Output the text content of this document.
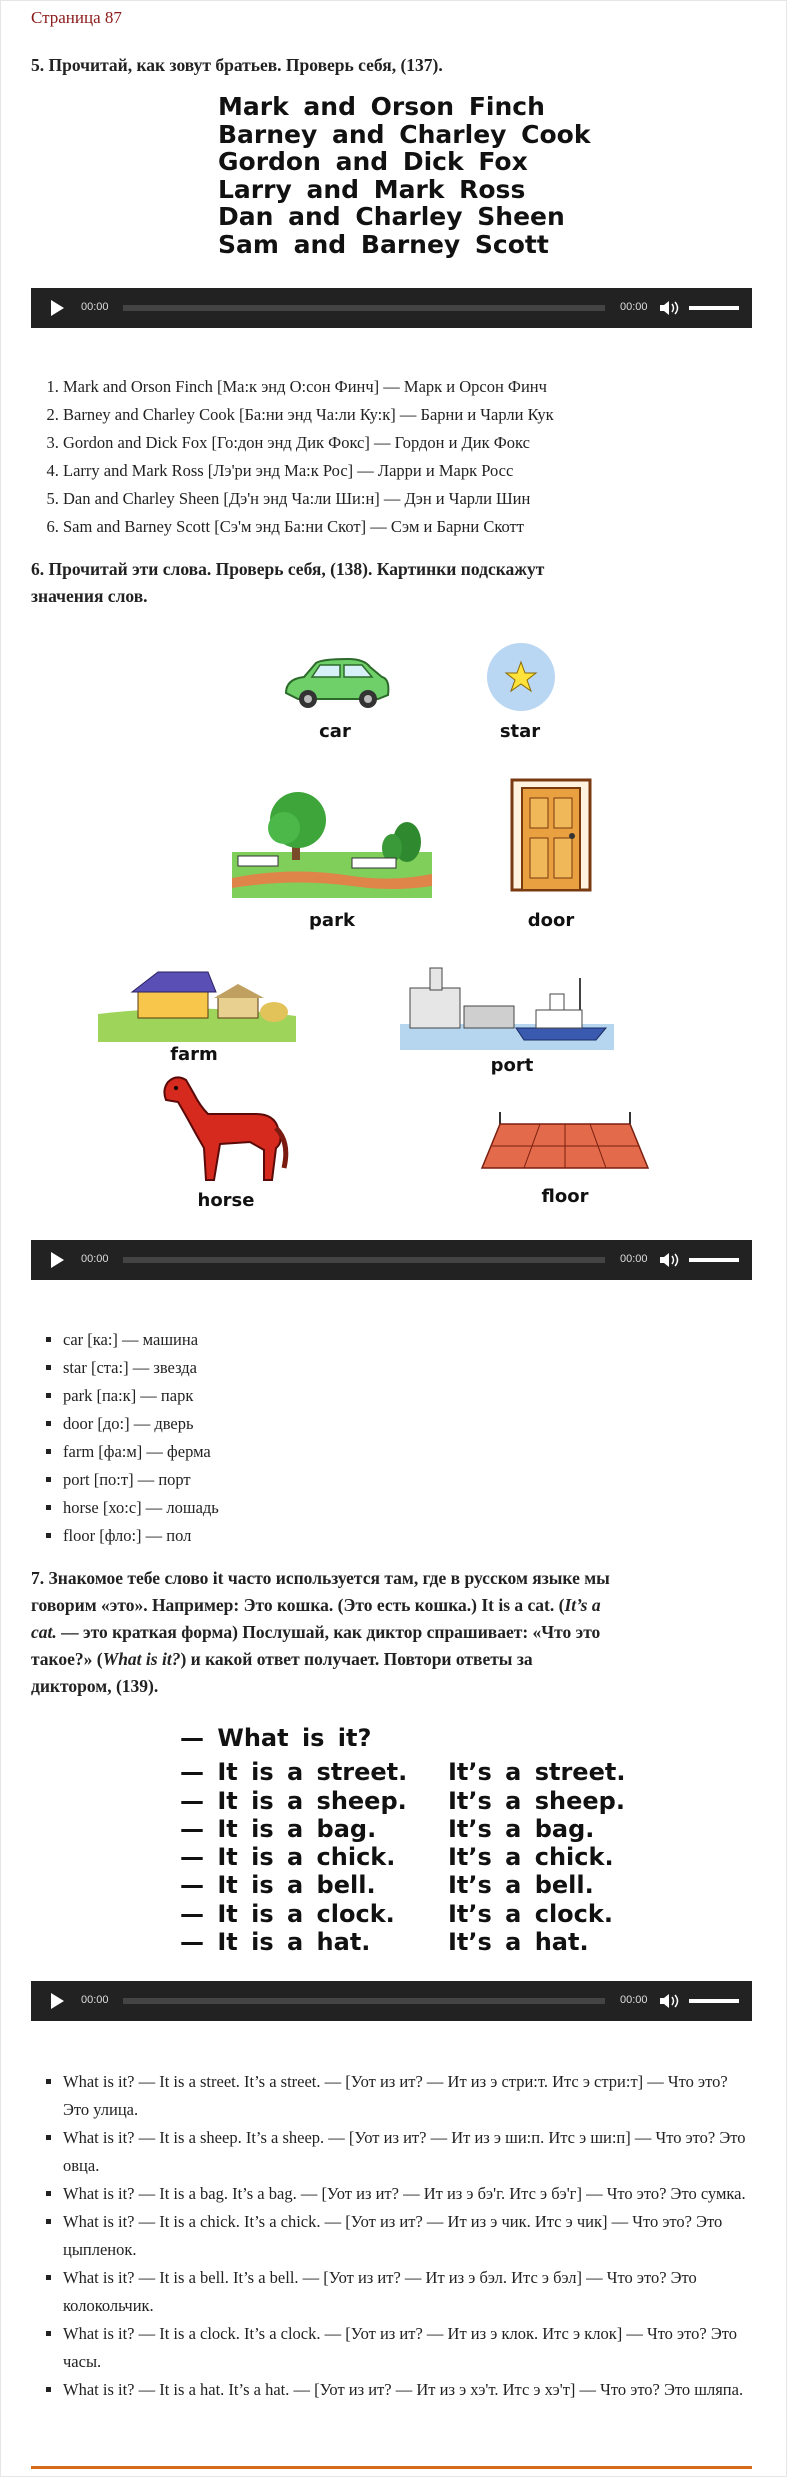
Страница 87
5. Прочитай, как зовут братьев. Проверь себя, (137).
Mark and Orson Finch
Barney and Charley Cook
Gordon and Dick Fox
Larry and Mark Ross
Dan and Charley Sheen
Sam and Barney Scott
00:00	00:00
1. Mark and Orson Finch [Ма:к энд О:сон Финч] — Марк и Орсон Финч
2. Barney and Charley Cook [Ба:ни энд Ча:ли Ку:к] — Барни и Чарли Кук
3. Gordon and Dick Fox [Го:дон энд Дик Фокс] — Гордон и Дик Фокс
4. Larry and Mark Ross [Лэ'ри энд Ма:к Рос] — Ларри и Марк Росс
5. Dan and Charley Sheen [Дэ'н энд Ча:ли Ши:н] — Дэн и Чарли Шин
6. Sam and Barney Scott [Сэ'м энд Ба:ни Скот] — Сэм и Барни Скотт
6. Прочитай эти слова. Проверь себя, (138). Картинки подскажут
значения слов.
car	star
park	door
farm
port
horse	floor
00:00	00:00
▪ car [ка:] — машина
▪ star [ста:] — звезда
▪ park [па:к] — парк
▪ door [до:] — дверь
▪ farm [фа:м] — ферма
▪ port [по:т] — порт
▪ horse [хо:с] — лошадь
▪ floor [фло:] — пол
7. Знакомое тебе слово it часто используется там, где в русском языке мы
говорим «это». Например: Это кошка. (Это есть кошка.) It is a cat. (It’s a
cat. — это краткая форма) Послушай, как диктор спрашивает: «Что это
такое?» (What is it?) и какой ответ получает. Повтори ответы за
диктором, (139).
— What is it?
— It is a street. It’s a street.
— It is a sheep. It’s a sheep.
— It is a bag.	It’s a bag.
— It is a chick. It’s a chick.
— It is a bell.	It’s a bell.
— It is a clock. It’s a clock.
— It is a hat.	It’s a hat.
00:00	00:00
▪ What is it? — It is a street. It’s a street. — [Уот из ит? — Ит из э стри:т. Итс э стри:т] — Что это? Это улица.
▪ What is it? — It is a sheep. It’s a sheep. — [Уот из ит? — Ит из э ши:п. Итс э ши:п] — Что это? Это овца.
▪ What is it? — It is a bag. It’s a bag. — [Уот из ит? — Ит из э бэ'г. Итс э бэ'г] — Что это? Это сумка.
▪ What is it? — It is a chick. It’s a chick. — [Уот из ит? — Ит из э чик. Итс э чик] — Что это? Это цыпленок.
▪ What is it? — It is a bell. It’s a bell. — [Уот из ит? — Ит из э бэл. Итс э бэл] — Что это? Это колокольчик.
▪ What is it? — It is a clock. It’s a clock. — [Уот из ит? — Ит из э клок. Итс э клок] — Что это? Это часы.
▪ What is it? — It is a hat. It’s a hat. — [Уот из ит? — Ит из э хэ'т. Итс э хэ'т] — Что это? Это шляпа.
